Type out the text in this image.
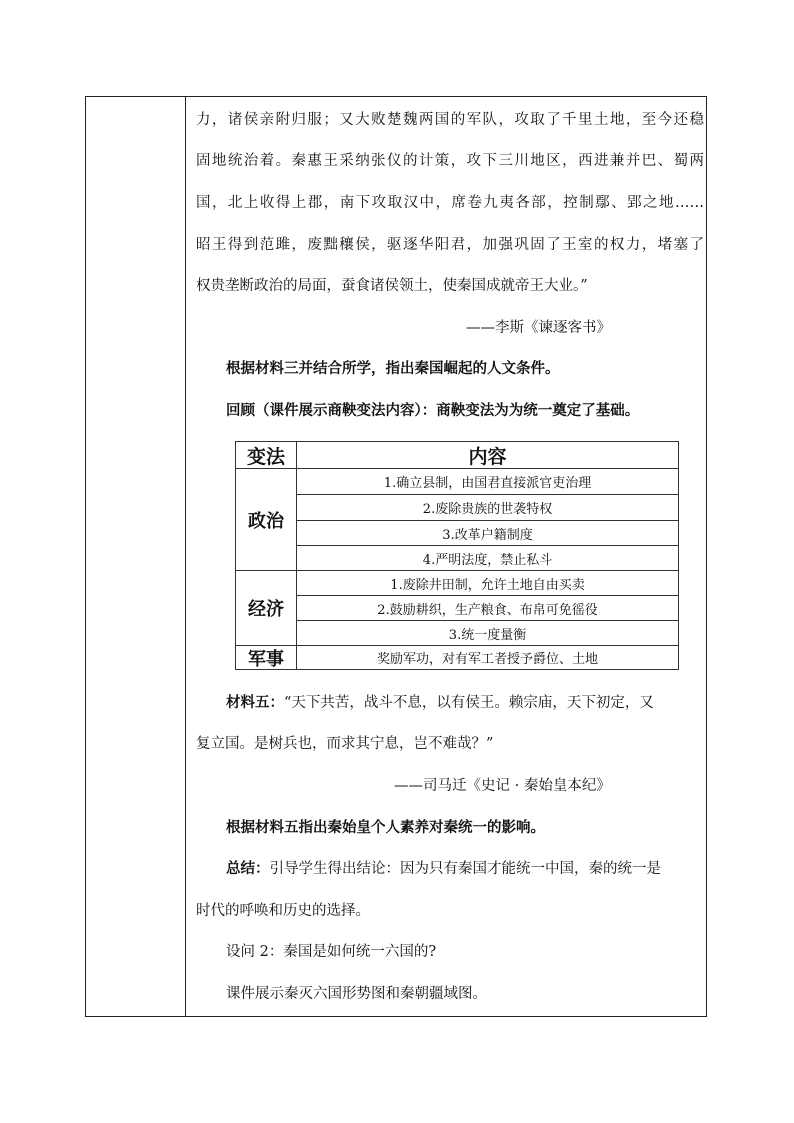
力，诸侯亲附归服；又大败楚魏两国的军队，攻取了千里土地，至今还稳
固地统治着。秦惠王采纳张仪的计策，攻下三川地区，西进兼并巴、蜀两
国，北上收得上郡，南下攻取汉中，席卷九夷各部，控制鄢、郢之地……
昭王得到范雎，废黜穰侯，驱逐华阳君，加强巩固了王室的权力，堵塞了
权贵垄断政治的局面，蚕食诸侯领土，使秦国成就帝王大业。”
——李斯《谏逐客书》
根据材料三并结合所学，指出秦国崛起的人文条件。
回顾（课件展示商鞅变法内容）：商鞅变法为为统一奠定了基础。
材料五：“天下共苦，战斗不息，以有侯王。赖宗庙，天下初定，又
复立国。是树兵也，而求其宁息，岂不难哉？”
——司马迁《史记 · 秦始皇本纪》
根据材料五指出秦始皇个人素养对秦统一的影响。
总结：引导学生得出结论：因为只有秦国才能统一中国，秦的统一是
时代的呼唤和历史的选择。
设问 2：秦国是如何统一六国的?
课件展示秦灭六国形势图和秦朝疆域图。
变法	内容
政治
经济
军事
1.确立县制，由国君直接派官吏治理
2.废除贵族的世袭特权
3.改革户籍制度
4.严明法度，禁止私斗
1.废除井田制，允许土地自由买卖
2.鼓励耕织，生产粮食、布帛可免徭役
3.统一度量衡
奖励军功，对有军工者授予爵位、土地
